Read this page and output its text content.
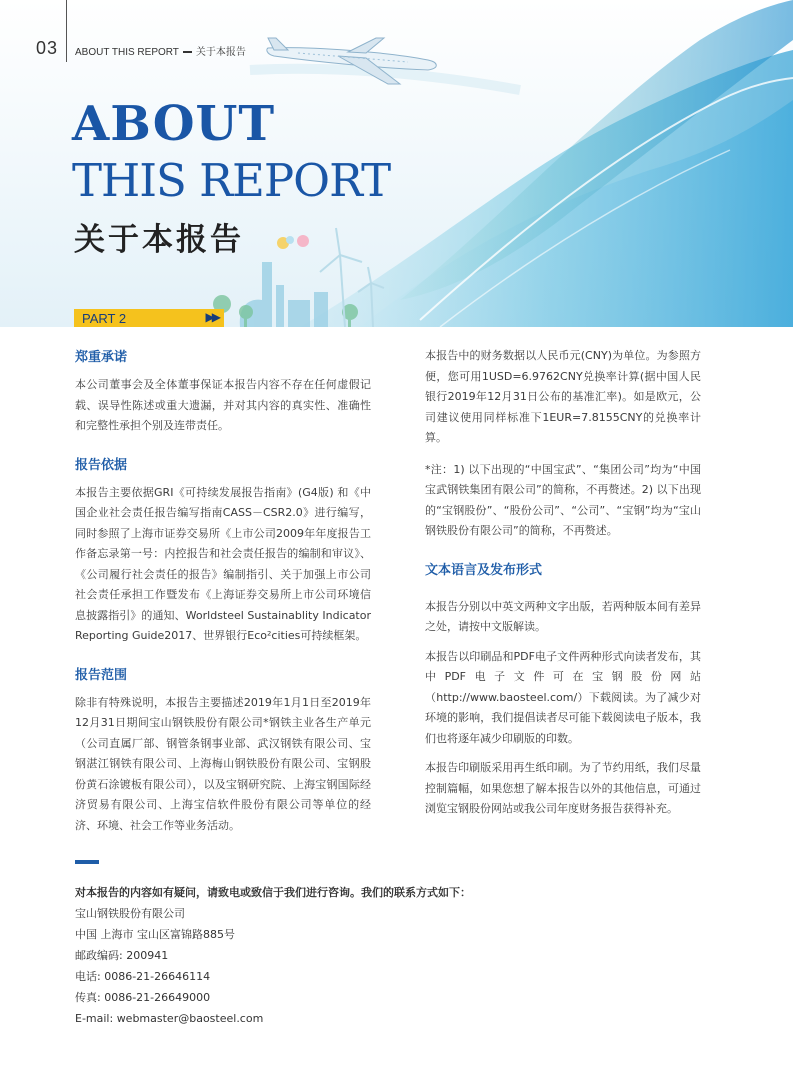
03 ABOUT THIS REPORT 关于本报告
ABOUT
THIS REPORT
关于本报告
PART 2	▶▶
郑重承诺

本公司董事会及全体董事保证本报告内容不存在任何虚假记载、误导性陈述或重大遗漏，并对其内容的真实性、准确性和完整性承担个别及连带责任。

报告依据

本报告主要依据GRI《可持续发展报告指南》(G4版) 和《中国企业社会责任报告编写指南CASS－CSR2.0》进行编写，同时参照了上海市证券交易所《上市公司2009年年度报告工作备忘录第一号：内控报告和社会责任报告的编制和审议》、《公司履行社会责任的报告》编制指引、关于加强上市公司社会责任承担工作暨发布《上海证券交易所上市公司环境信息披露指引》的通知、Worldsteel Sustainablity Indicator Reporting Guide2017、世界银行Eco²cities可持续框架。

报告范围

除非有特殊说明，本报告主要描述2019年1月1日至2019年12月31日期间宝山钢铁股份有限公司*钢铁主业各生产单元（公司直属厂部、钢管条钢事业部、武汉钢铁有限公司、宝钢湛江钢铁有限公司、上海梅山钢铁股份有限公司、宝钢股份黄石涂镀板有限公司），以及宝钢研究院、上海宝钢国际经济贸易有限公司、上海宝信软件股份有限公司等单位的经济、环境、社会工作等业务活动。

本报告中的财务数据以人民币元(CNY)为单位。为参照方便，您可用1USD=6.9762CNY兑换率计算(据中国人民银行2019年12月31日公布的基准汇率)。如是欧元，公司建议使用同样标准下1EUR=7.8155CNY的兑换率计算。

*注：1) 以下出现的“中国宝武”、“集团公司”均为“中国宝武钢铁集团有限公司”的简称，不再赘述。2) 以下出现的“宝钢股份”、“股份公司”、“公司”、“宝钢”均为“宝山钢铁股份有限公司”的简称，不再赘述。

文本语言及发布形式

本报告分别以中英文两种文字出版，若两种版本间有差异之处，请按中文版解读。

本报告以印刷品和PDF电子文件两种形式向读者发布，其中PDF电子文件可在宝钢股份网站（http://www.baosteel.com/）下载阅读。为了减少对环境的影响，我们提倡读者尽可能下载阅读电子版本，我们也将逐年减少印刷版的印数。

本报告印刷版采用再生纸印刷。为了节约用纸，我们尽量控制篇幅，如果您想了解本报告以外的其他信息，可通过浏览宝钢股份网站或我公司年度财务报告获得补充。

对本报告的内容如有疑问，请致电或致信于我们进行咨询。我们的联系方式如下：
宝山钢铁股份有限公司
中国 上海市 宝山区富锦路885号
邮政编码: 200941
电话: 0086-21-26646114
传真: 0086-21-26649000
E-mail: webmaster@baosteel.com
